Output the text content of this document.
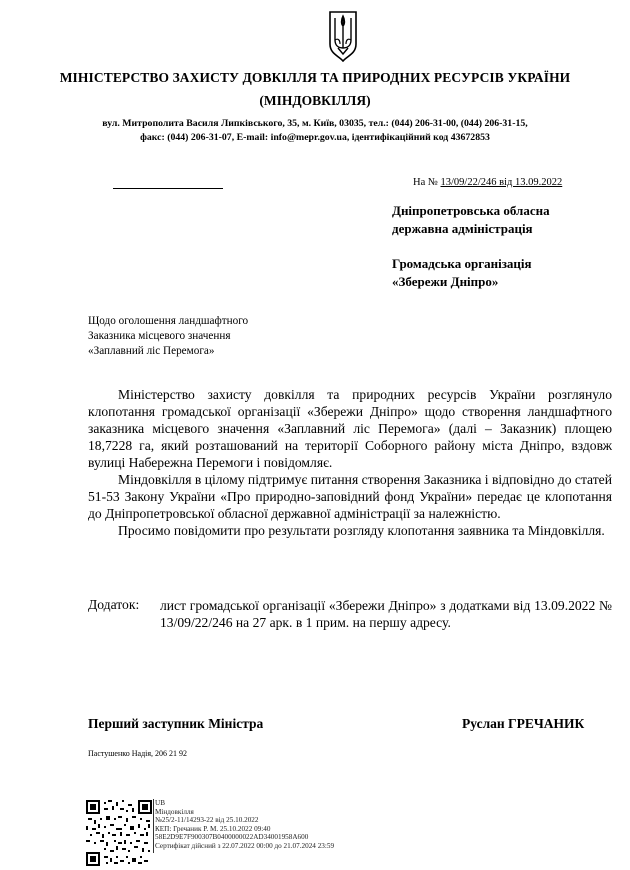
МІНІСТЕРСТВО ЗАХИСТУ ДОВКІЛЛЯ ТА ПРИРОДНИХ РЕСУРСІВ УКРАЇНИ
(МІНДОВКІЛЛЯ)
вул. Митрополита Василя Липківського, 35, м. Київ, 03035, тел.: (044) 206-31-00, (044) 206-31-15,
факс: (044) 206-31-07, E-mail: info@mepr.gov.ua, ідентифікаційний код 43672853
На № 13/09/22/246 від 13.09.2022
Дніпропетровська обласна
державна адміністрація
Громадська організація
«Збережи Дніпро»
Щодо оголошення ландшафтного
Заказника місцевого значення
«Заплавний ліс Перемога»

Міністерство захисту довкілля та природних ресурсів України розглянуло клопотання громадської організації «Збережи Дніпро» щодо створення ландшафтного заказника місцевого значення «Заплавний ліс Перемога» (далі – Заказник) площею 18,7228 га, який розташований на території Соборного району міста Дніпро, вздовж вулиці Набережна Перемоги і повідомляє.

Міндовкілля в цілому підтримує питання створення Заказника і відповідно до статей 51-53 Закону України «Про природно-заповідний фонд України» передає це клопотання до Дніпропетровської обласної державної адміністрації за належністю.

Просимо повідомити про результати розгляду клопотання заявника та Міндовкілля.

Додаток: лист громадської організації «Збережи Дніпро» з додатками від 13.09.2022 № 13/09/22/246 на 27 арк. в 1 прим. на першу адресу.
Перший заступник Міністра	Руслан ГРЕЧАНИК
Пастушенко Надія, 206 21 92
UB
Міндовкілля
№25/2-11/14293-22 від 25.10.2022
КЕП: Гречаник Р. М. 25.10.2022 09:40
58E2D9E7F900307B0400000022AD34001958A600
Сертифікат дійсний з 22.07.2022 00:00 до 21.07.2024 23:59
